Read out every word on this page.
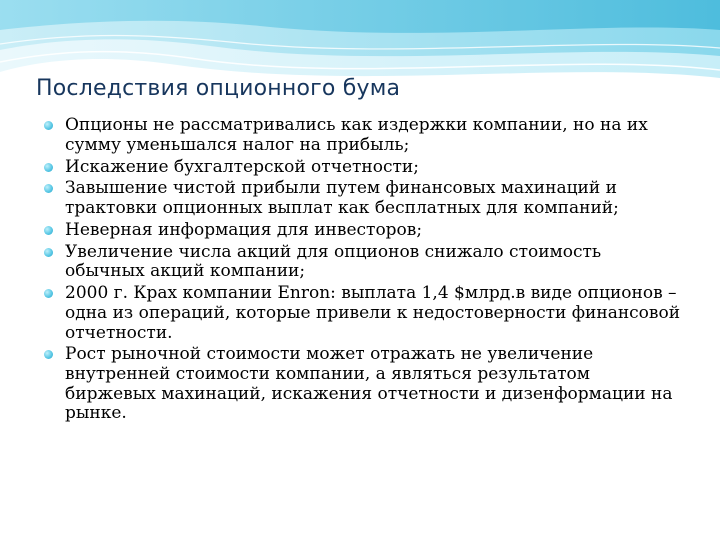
Последствия опционного бума
Опционы не рассматривались как издержки компании, но на их сумму уменьшался налог на прибыль;
Искажение бухгалтерской отчетности;
Завышение чистой прибыли путем финансовых махинаций и трактовки опционных выплат как бесплатных для компаний;
Неверная информация для инвесторов;
Увеличение числа акций для опционов снижало стоимость обычных акций компании;
2000 г. Крах компании Enron: выплата 1,4 $млрд.в виде опционов – одна из операций, которые привели к недостоверности финансовой отчетности.
Рост рыночной стоимости может отражать не увеличение внутренней стоимости компании, а являться результатом биржевых махинаций, искажения отчетности и дизенформации на рынке.
